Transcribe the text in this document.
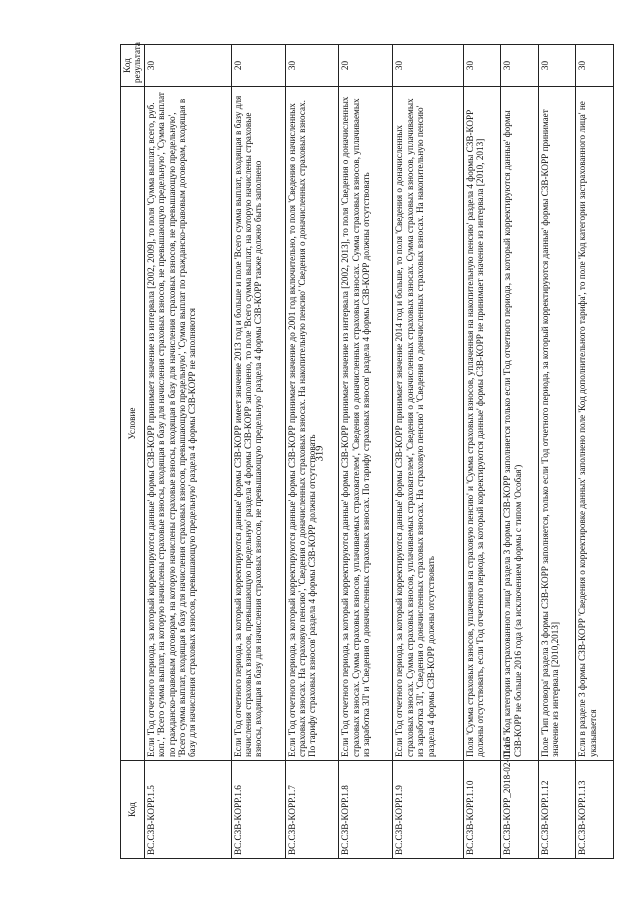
319
Код	Условие	Код результата
BC.СЗВ-КОРР.1.5	Если 'Год отчетного периода, за который корректируются данные' формы СЗВ-КОРР принимает значение из интервала [2002, 2009], то поля 'Сумма выплат, всего, руб. коп.', 'Всего сумма выплат, на которую начислены страховые взносы, входящая в базу для начисления страховых взносов, не превышающую предельную', 'Сумма выплат по гражданско-правовым договорам, на которую начислены страховые взносы, входящая в базу для начисления страховых взносов, не превышающую предельную', 'Всего сумма выплат, входящая в базу для начисления страховых взносов, превышающую предельную', 'Сумма выплат по гражданско-правовым договорам, входящая в базу для начисления страховых взносов, превышающую предельную' раздела 4 формы СЗВ-КОРР не заполняются	30
BC.СЗВ-КОРР.1.6	Если 'Год отчетного периода, за который корректируются данные' формы СЗВ-КОРР имеет значение 2013 год и больше и поле 'Всего сумма выплат, входящая в базу для начисления страховых взносов, превышающую предельную' раздела 4 формы СЗВ-КОРР заполнено, то поле 'Всего сумма выплат, на которую начислены страховые взносы, входящая в базу для начисления страховых взносов, не превышающую предельную' раздела 4 формы СЗВ-КОРР также должно быть заполнено	20
BC.СЗВ-КОРР.1.7	Если 'Год отчетного периода, за который корректируются данные' формы СЗВ-КОРР принимает значение до 2001 год включительно, то поля 'Сведения о начисленных страховых взносах. На страховую пенсию', 'Сведения о доначисленных страховых взносах. На накопительную пенсию' 'Сведения о доначисленных страховых взносах. По тарифу страховых взносов' раздела 4 формы СЗВ-КОРР должны отсутствовать	30
BC.СЗВ-КОРР.1.8	Если 'Год отчетного периода, за который корректируются данные' формы СЗВ-КОРР принимает значение из интервала [2002, 2013], то поля 'Сведения о доначисленных страховых взносах. Сумма страховых взносов, уплачиваемых страхователем', 'Сведения о доначисленных страховых взносах. Сумма страховых взносов, уплачиваемых из заработка ЗЛ' и 'Сведения о доначисленных страховых взносах. По тарифу страховых взносов' раздела 4 формы СЗВ-КОРР должны отсутствовать	20
BC.СЗВ-КОРР.1.9	Если 'Год отчетного периода, за который корректируются данные' формы СЗВ-КОРР принимает значение 2014 год и больше, то поля 'Сведения о доначисленных страховых взносах. Сумма страховых взносов, уплачиваемых страхователем', 'Сведения о доначисленных страховых взносах. Сумма страховых взносов, уплачиваемых из заработка ЗЛ', 'Сведения о доначисленных страховых взносах. На страховую пенсию' и 'Сведения о доначисленных страховых взносах. На накопительную пенсию' раздела 4 формы СЗВ-КОРР должны отсутствовать	30
BC.СЗВ-КОРР.1.10	Поля 'Сумма страховых взносов, уплаченная на страховую пенсию' и 'Сумма страховых взносов, уплаченная на накопительную пенсию' раздела 4 формы СЗВ-КОРР должны отсутствовать, если 'Год отчетного периода, за который корректируются данные' формы СЗВ-КОРР не принимает значение из интервала [2010, 2013]	30
BC.СЗВ-КОРР_2018-02-01.1.5	Поле 'Код категории застрахованного лица' раздела 3 формы СЗВ-КОРР заполняется только если 'Год отчетного периода, за который корректируются данные' формы СЗВ-КОРР не больше 2016 года (за исключением формы с типом 'Особая')	30
BC.СЗВ-КОРР.1.12	Поле 'Тип договора' раздела 3 формы СЗВ-КОРР заполняется, только если 'Год отчетного периода, за который корректируются данные' формы СЗВ-КОРР принимает значение из интервала [2010,2013]	30
BC.СЗВ-КОРР.1.13	Если в разделе 3 формы СЗВ-КОРР 'Сведения о корректировке данных' заполнено поле 'Код дополнительного тарифа', то поле 'Код категории застрахованного лица' не указывается	30
